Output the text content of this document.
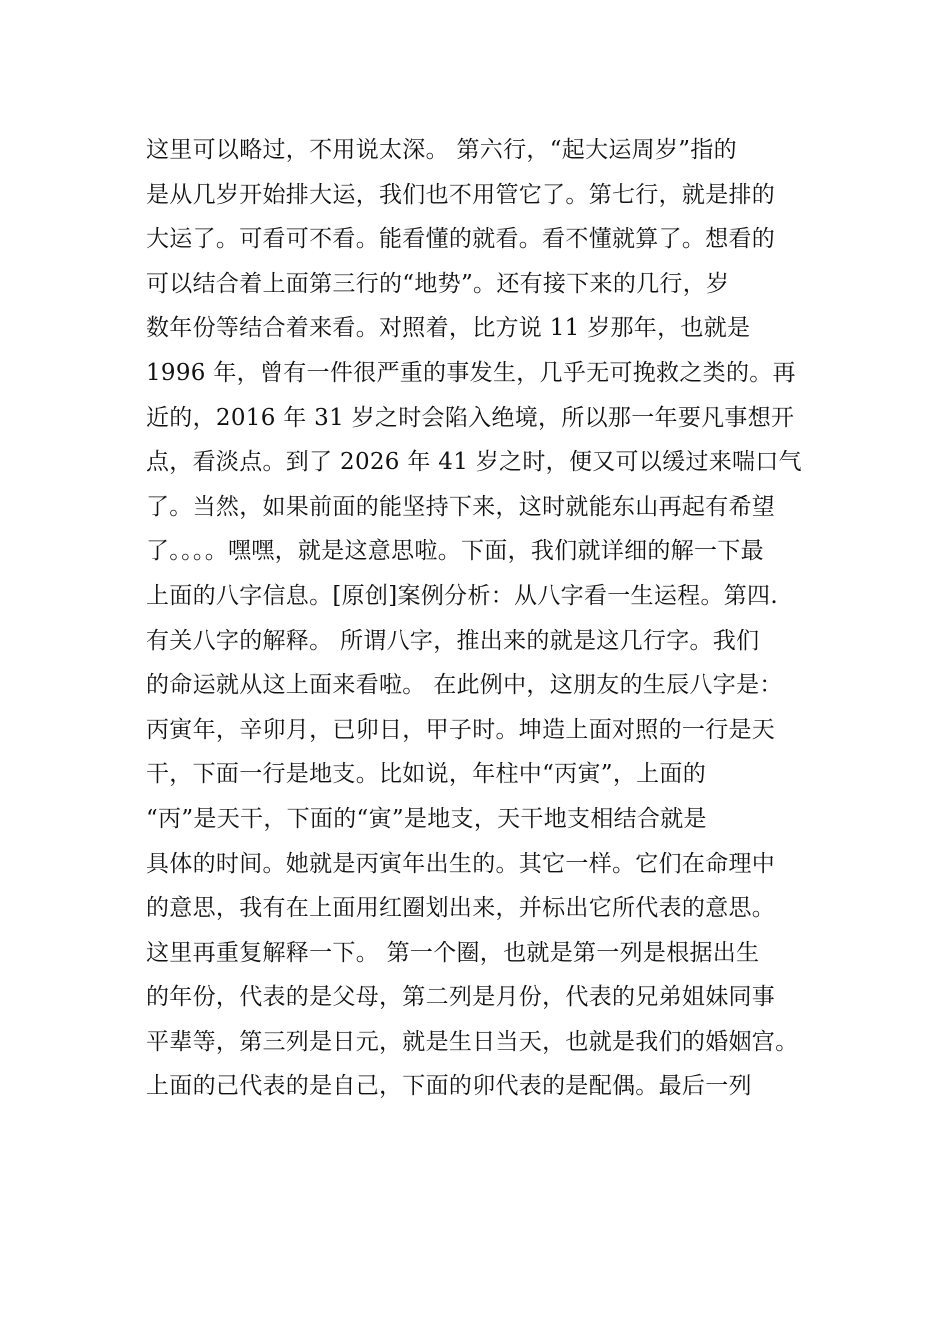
这里可以略过，不用说太深。 第六行，“起大运周岁”指的
是从几岁开始排大运，我们也不用管它了。第七行，就是排的
大运了。可看可不看。能看懂的就看。看不懂就算了。想看的
可以结合着上面第三行的“地势”。还有接下来的几行，岁
数年份等结合着来看。对照着，比方说 11 岁那年，也就是
1996 年，曾有一件很严重的事发生，几乎无可挽救之类的。再
近的，2016 年 31 岁之时会陷入绝境，所以那一年要凡事想开
点，看淡点。到了 2026 年 41 岁之时，便又可以缓过来喘口气
了。当然，如果前面的能坚持下来，这时就能东山再起有希望
了。。。。嘿嘿，就是这意思啦。下面，我们就详细的解一下最
上面的八字信息。[原创]案例分析：从八字看一生运程。第四.
有关八字的解释。 所谓八字，推出来的就是这几行字。我们
的命运就从这上面来看啦。 在此例中，这朋友的生辰八字是：
丙寅年，辛卯月，已卯日，甲子时。坤造上面对照的一行是天
干，下面一行是地支。比如说，年柱中“丙寅”，上面的
“丙”是天干，下面的“寅”是地支，天干地支相结合就是
具体的时间。她就是丙寅年出生的。其它一样。它们在命理中
的意思，我有在上面用红圈划出来，并标出它所代表的意思。
这里再重复解释一下。 第一个圈，也就是第一列是根据出生
的年份，代表的是父母，第二列是月份，代表的兄弟姐妹同事
平辈等，第三列是日元，就是生日当天，也就是我们的婚姻宫。
上面的己代表的是自己，下面的卯代表的是配偶。最后一列
